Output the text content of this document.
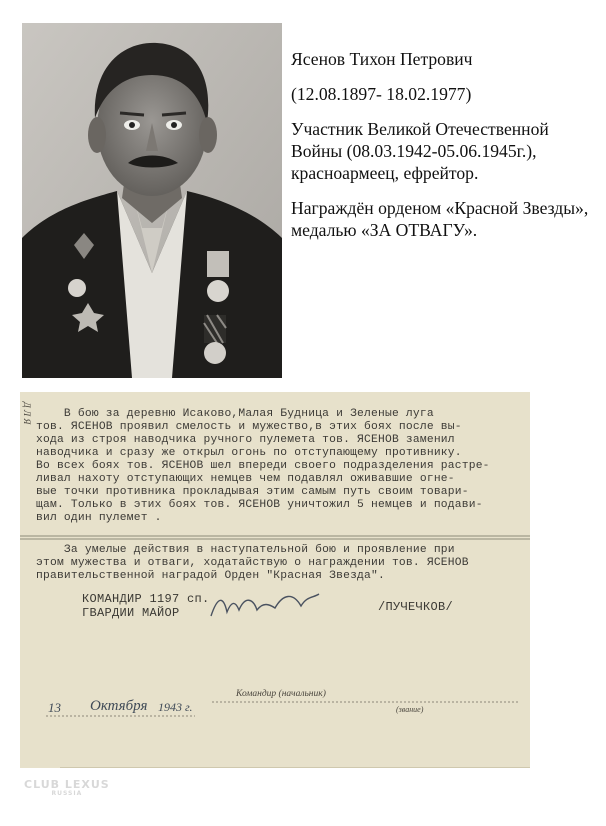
Ясенов Тихон Петрович

(12.08.1897- 18.02.1977)

Участник Великой Отечественной Войны (08.03.1942-05.06.1945г.), красноармеец, ефрейтор.

Награждён орденом «Красной Звезды», медалью «ЗА ОТВАГУ».

Д Л Я В бою за деревню Исаково,Малая Будница и Зеленые луга
тов. ЯСЕНОВ проявил смелость и мужество,в этих боях после вы-
хода из строя наводчика ручного пулемета тов. ЯСЕНОВ заменил
наводчика и сразу же открыл огонь по отступающему противнику.
Во всех боях тов. ЯСЕНОВ шел впереди своего подразделения растре-
ливал нахоту отступающих немцев чем подавлял оживавшие огне-
вые точки противника прокладывая этим самым путь своим товари-
щам. Только в этих боях тов. ЯСЕНОВ уничтожил 5 немцев и подави-
вил один пулемет .
За умелые действия в наступательной бою и проявление при
этом мужества и отваги, ходатайствую о награждении тов. ЯСЕНОВ
правительственной наградой Орден "Красная Звезда".
КОМАНДИР 1197 сп.
ГВАРДИИ МАЙОР	/ПУЧЕЧКОВ/
Командир (начальник)
(звание)
13 Октября 1943 г.
CLUB LEXUS
RUSSIA
